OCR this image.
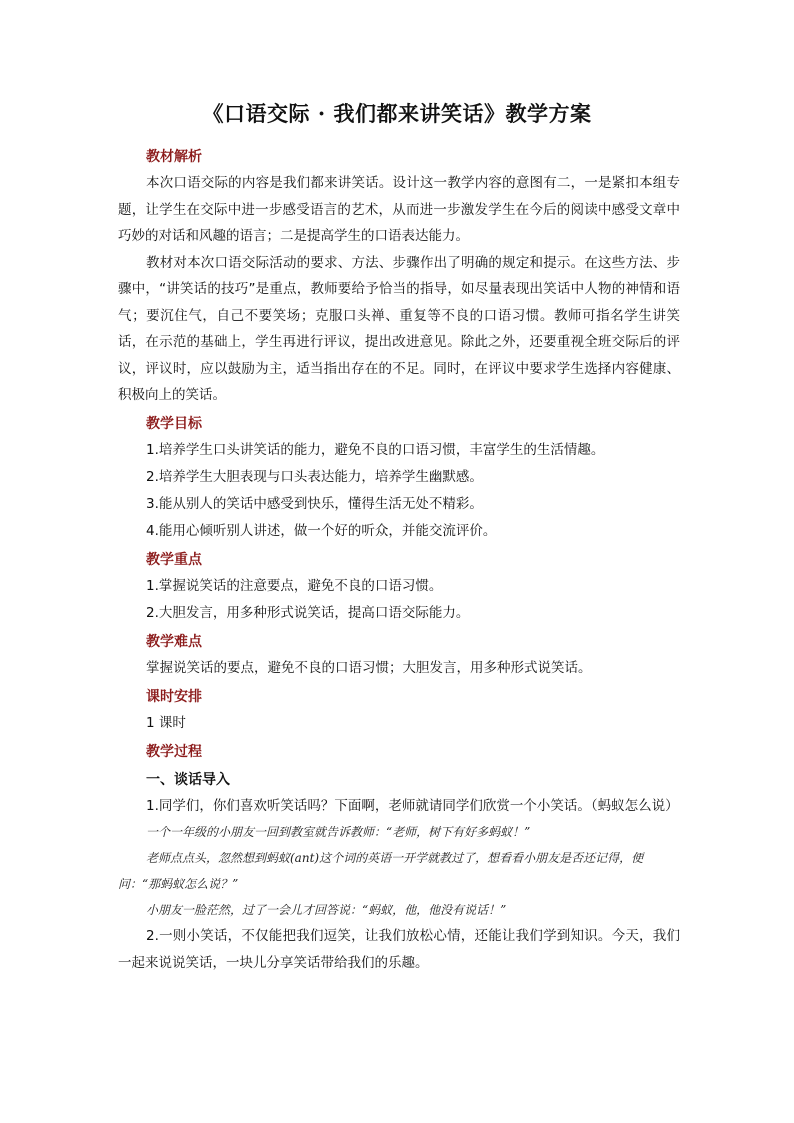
《口语交际 · 我们都来讲笑话》教学方案
教材解析

本次口语交际的内容是我们都来讲笑话。设计这一教学内容的意图有二，一是紧扣本组专题，让学生在交际中进一步感受语言的艺术，从而进一步激发学生在今后的阅读中感受文章中巧妙的对话和风趣的语言；二是提高学生的口语表达能力。

教材对本次口语交际活动的要求、方法、步骤作出了明确的规定和提示。在这些方法、步骤中，“讲笑话的技巧”是重点，教师要给予恰当的指导，如尽量表现出笑话中人物的神情和语气；要沉住气，自己不要笑场；克服口头禅、重复等不良的口语习惯。教师可指名学生讲笑话，在示范的基础上，学生再进行评议，提出改进意见。除此之外，还要重视全班交际后的评议，评议时，应以鼓励为主，适当指出存在的不足。同时，在评议中要求学生选择内容健康、积极向上的笑话。

教学目标

1.培养学生口头讲笑话的能力，避免不良的口语习惯，丰富学生的生活情趣。

2.培养学生大胆表现与口头表达能力，培养学生幽默感。

3.能从别人的笑话中感受到快乐，懂得生活无处不精彩。

4.能用心倾听别人讲述，做一个好的听众，并能交流评价。

教学重点

1.掌握说笑话的注意要点，避免不良的口语习惯。

2.大胆发言，用多种形式说笑话，提高口语交际能力。

教学难点

掌握说笑话的要点，避免不良的口语习惯；大胆发言，用多种形式说笑话。

课时安排

1 课时

教学过程
一、谈话导入

1.同学们，你们喜欢听笑话吗？下面啊，老师就请同学们欣赏一个小笑话。（蚂蚁怎么说）

一个一年级的小朋友一回到教室就告诉教师：“老师，树下有好多蚂蚁！”

老师点点头，忽然想到蚂蚁(ant)这个词的英语一开学就教过了，想看看小朋友是否还记得，便问：“那蚂蚁怎么说？”

小朋友一脸茫然，过了一会儿才回答说：“蚂蚁，他，他没有说话！”

2.一则小笑话，不仅能把我们逗笑，让我们放松心情，还能让我们学到知识。今天，我们一起来说说笑话，一块儿分享笑话带给我们的乐趣。
